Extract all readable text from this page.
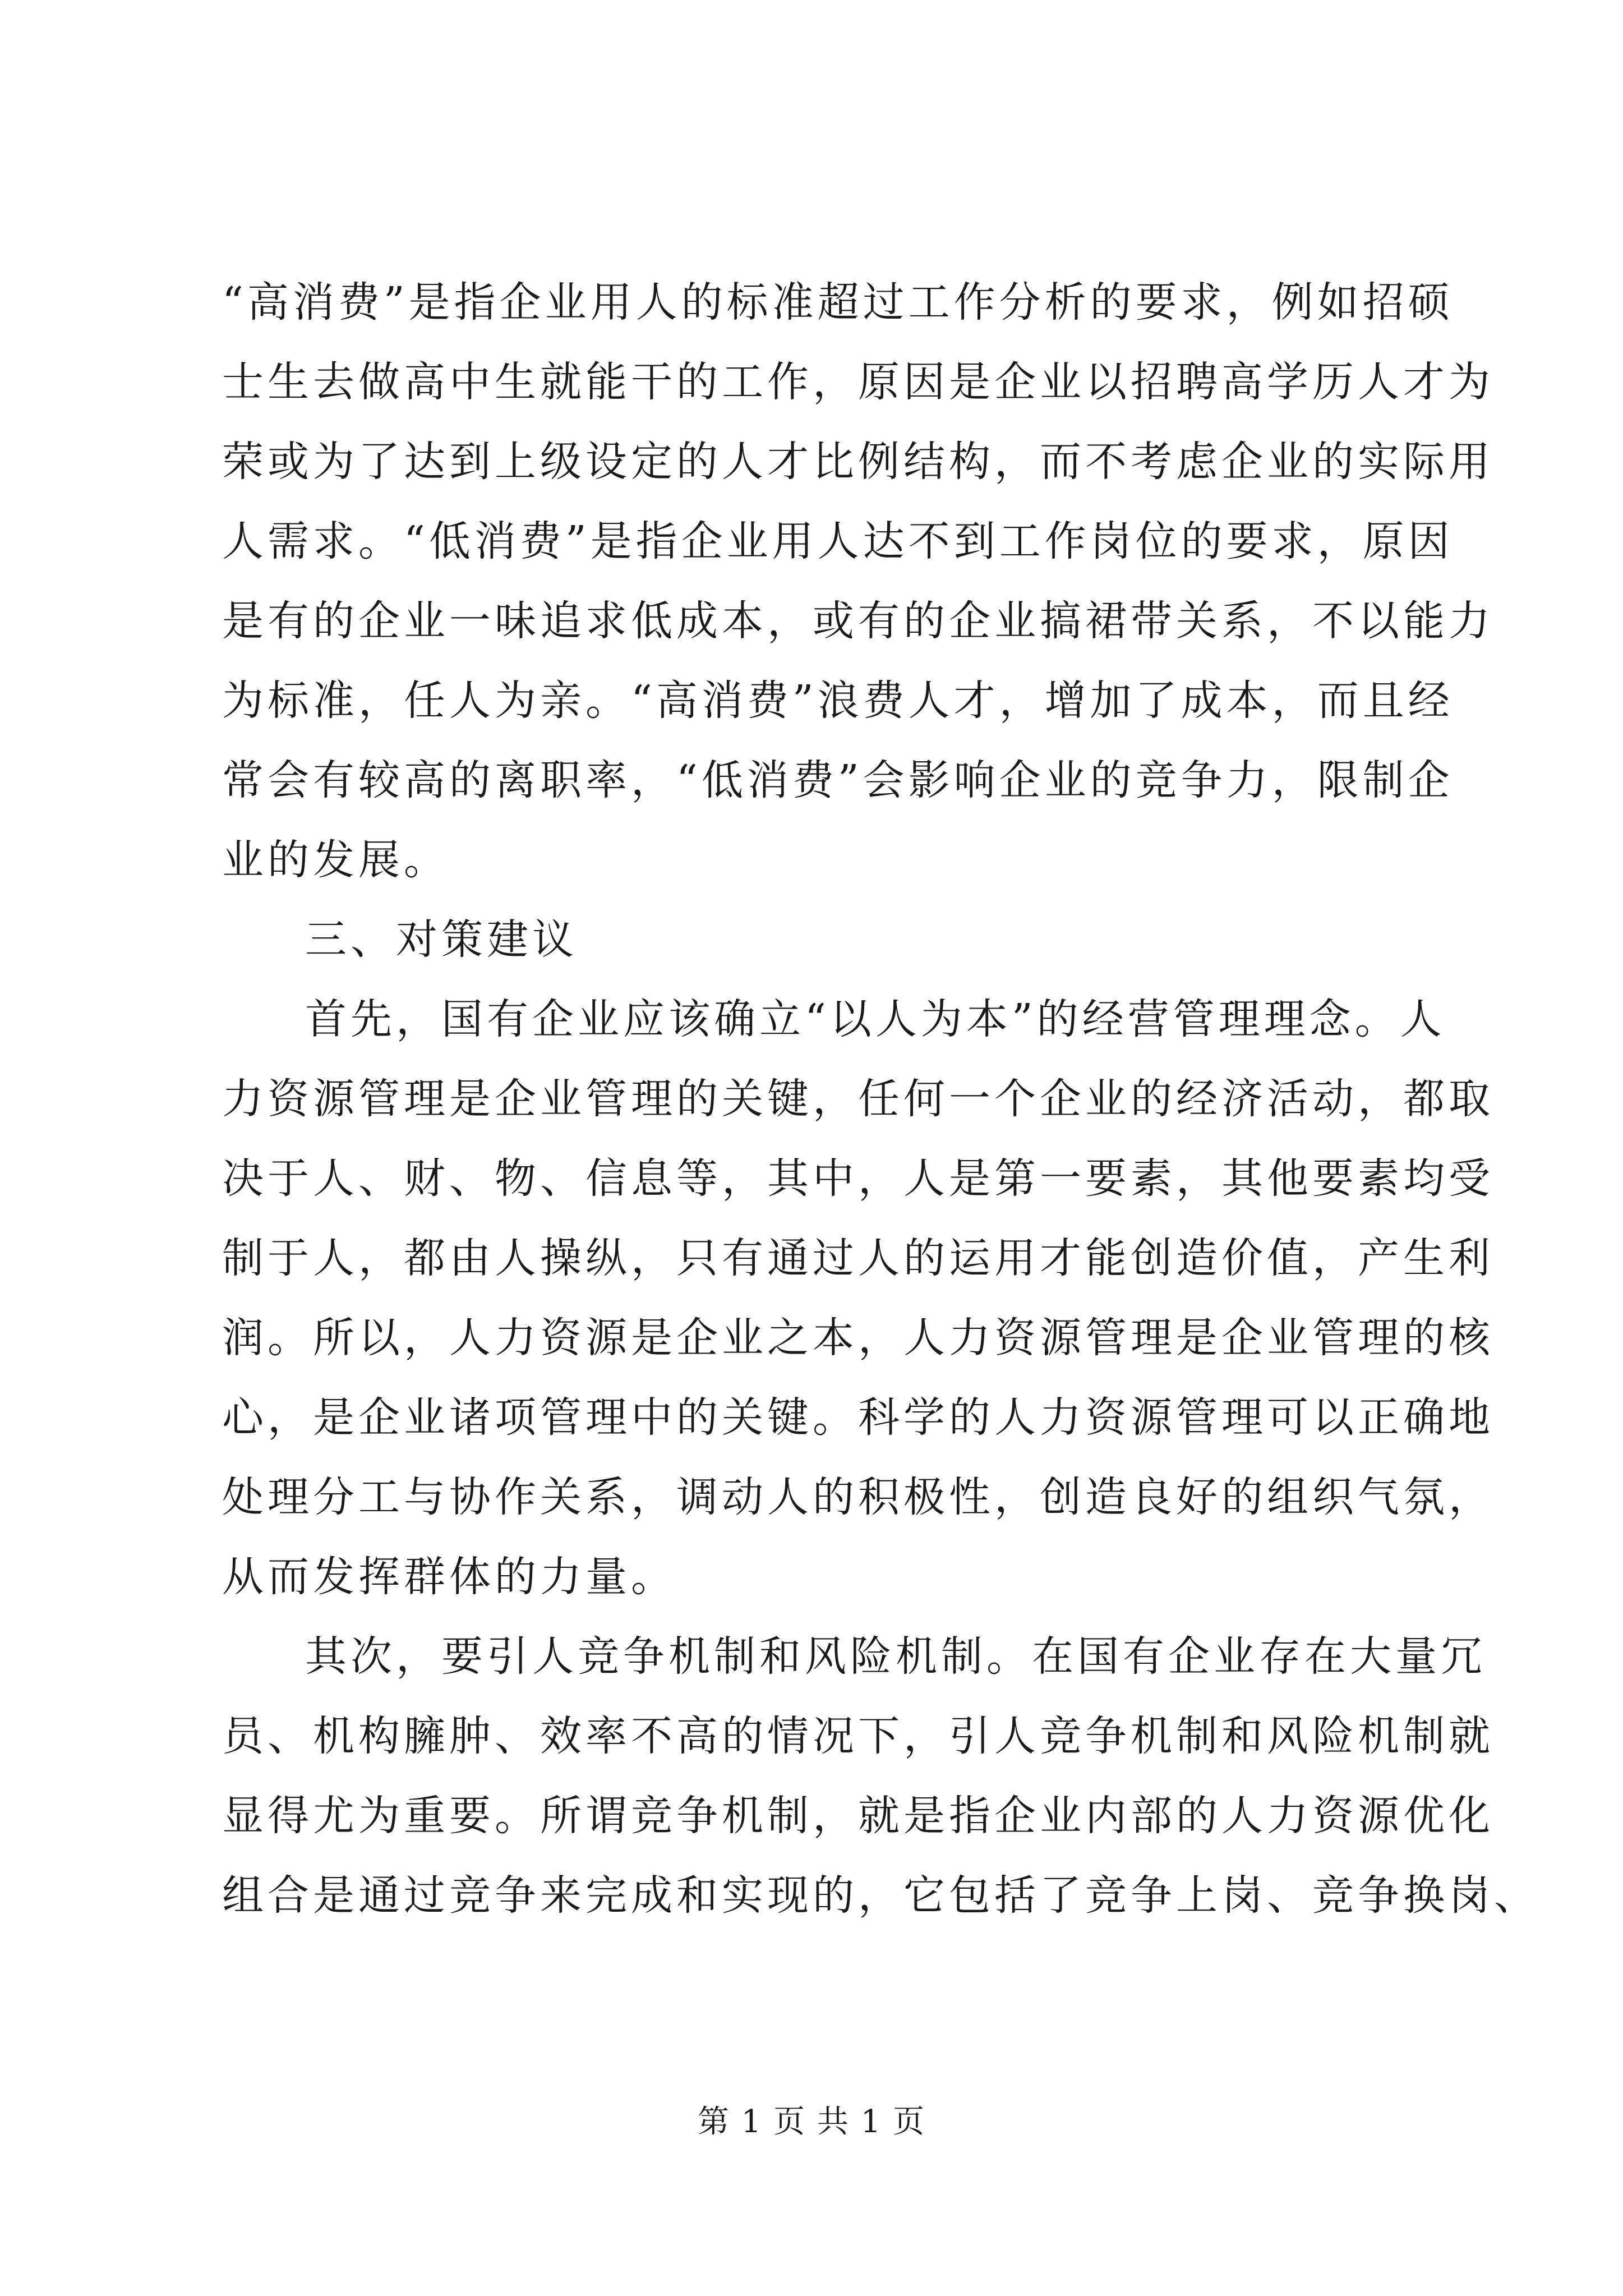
“高消费”是指企业用人的标准超过工作分析的要求，例如招硕
士生去做高中生就能干的工作，原因是企业以招聘高学历人才为
荣或为了达到上级设定的人才比例结构，而不考虑企业的实际用
人需求。“低消费”是指企业用人达不到工作岗位的要求，原因
是有的企业一味追求低成本，或有的企业搞裙带关系，不以能力
为标准，任人为亲。“高消费”浪费人才，增加了成本，而且经
常会有较高的离职率，“低消费”会影响企业的竞争力，限制企
业的发展。
三、对策建议
首先，国有企业应该确立“以人为本”的经营管理理念。人
力资源管理是企业管理的关键，任何一个企业的经济活动，都取
决于人、财、物、信息等，其中，人是第一要素，其他要素均受
制于人，都由人操纵，只有通过人的运用才能创造价值，产生利
润。所以，人力资源是企业之本，人力资源管理是企业管理的核
心，是企业诸项管理中的关键。科学的人力资源管理可以正确地
处理分工与协作关系，调动人的积极性，创造良好的组织气氛，
从而发挥群体的力量。
其次，要引人竞争机制和风险机制。在国有企业存在大量冗
员、机构臃肿、效率不高的情况下，引人竞争机制和风险机制就
显得尤为重要。所谓竞争机制，就是指企业内部的人力资源优化
组合是通过竞争来完成和实现的，它包括了竞争上岗、竞争换岗、
第 1 页 共 1 页
